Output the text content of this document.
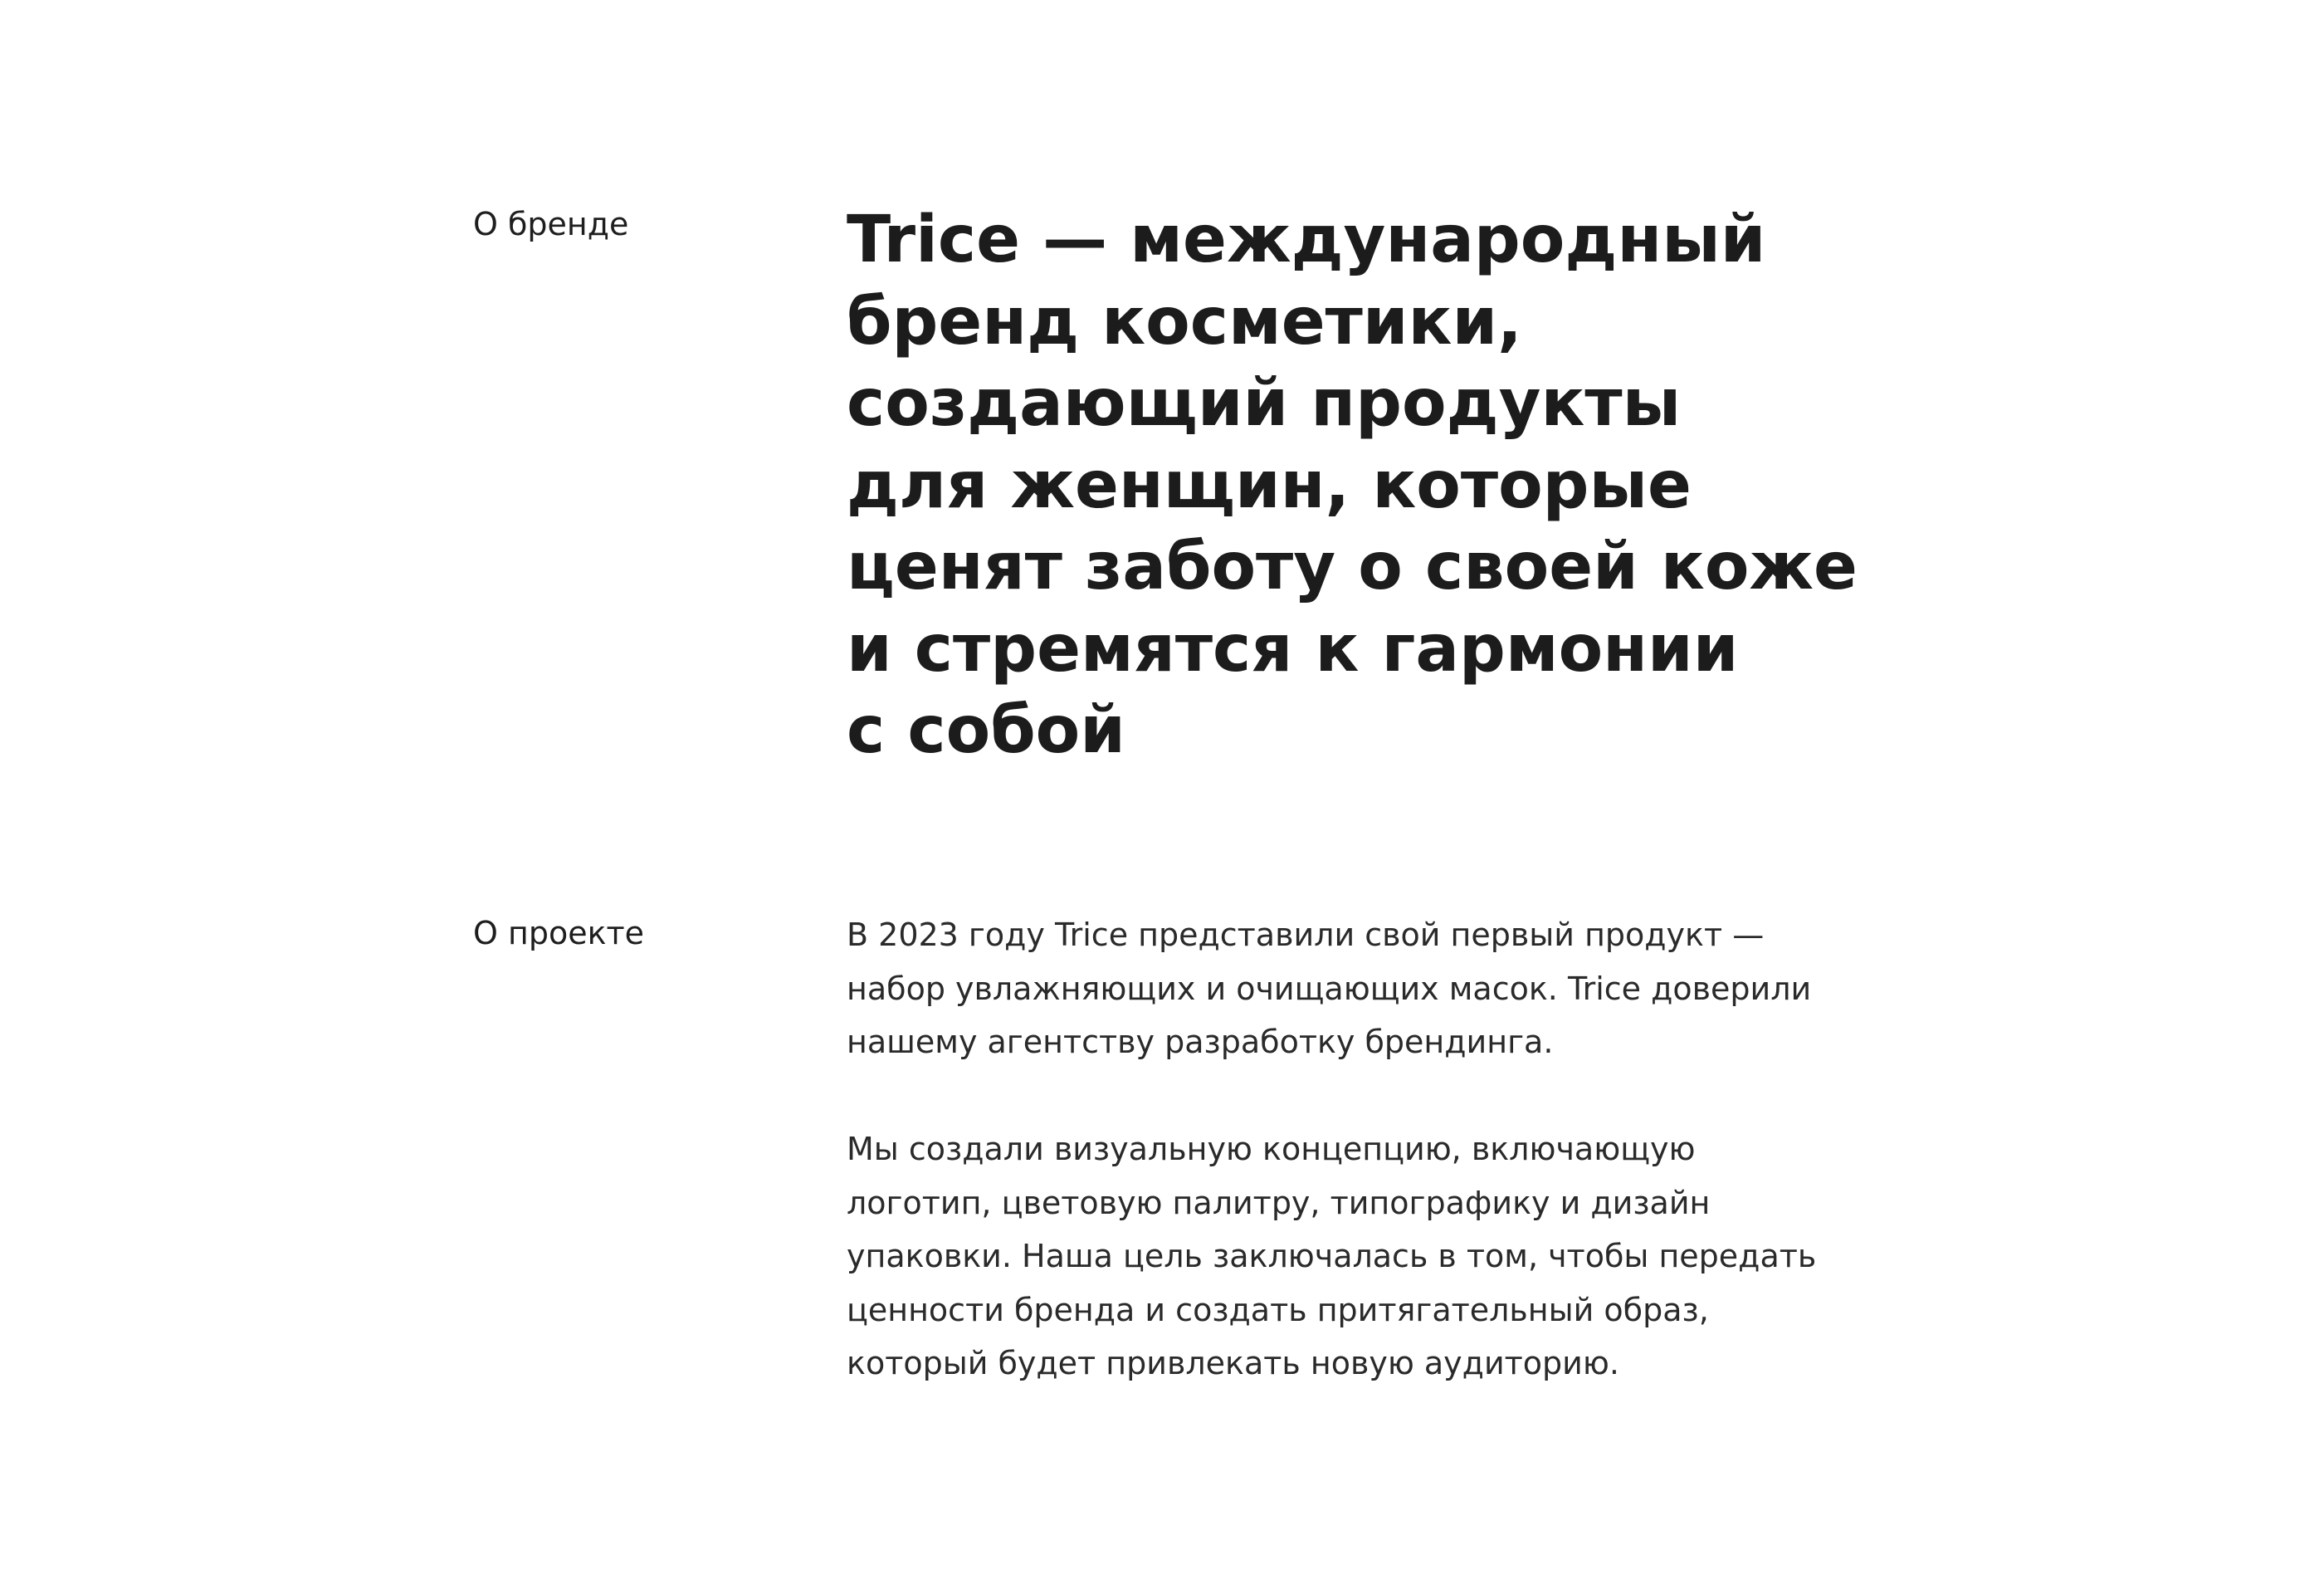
О бренде	Trice — международный
бренд косметики,
создающий продукты
для женщин, которые
ценят заботу о своей коже
и стремятся к гармонии
с собой
О проекте	В 2023 году Trice представили свой первый продукт —
набор увлажняющих и очищающих масок. Trice доверили
нашему агентству разработку брендинга.

Мы создали визуальную концепцию, включающую
логотип, цветовую палитру, типографику и дизайн
упаковки. Наша цель заключалась в том, чтобы передать
ценности бренда и создать притягательный образ,
который будет привлекать новую аудиторию.
